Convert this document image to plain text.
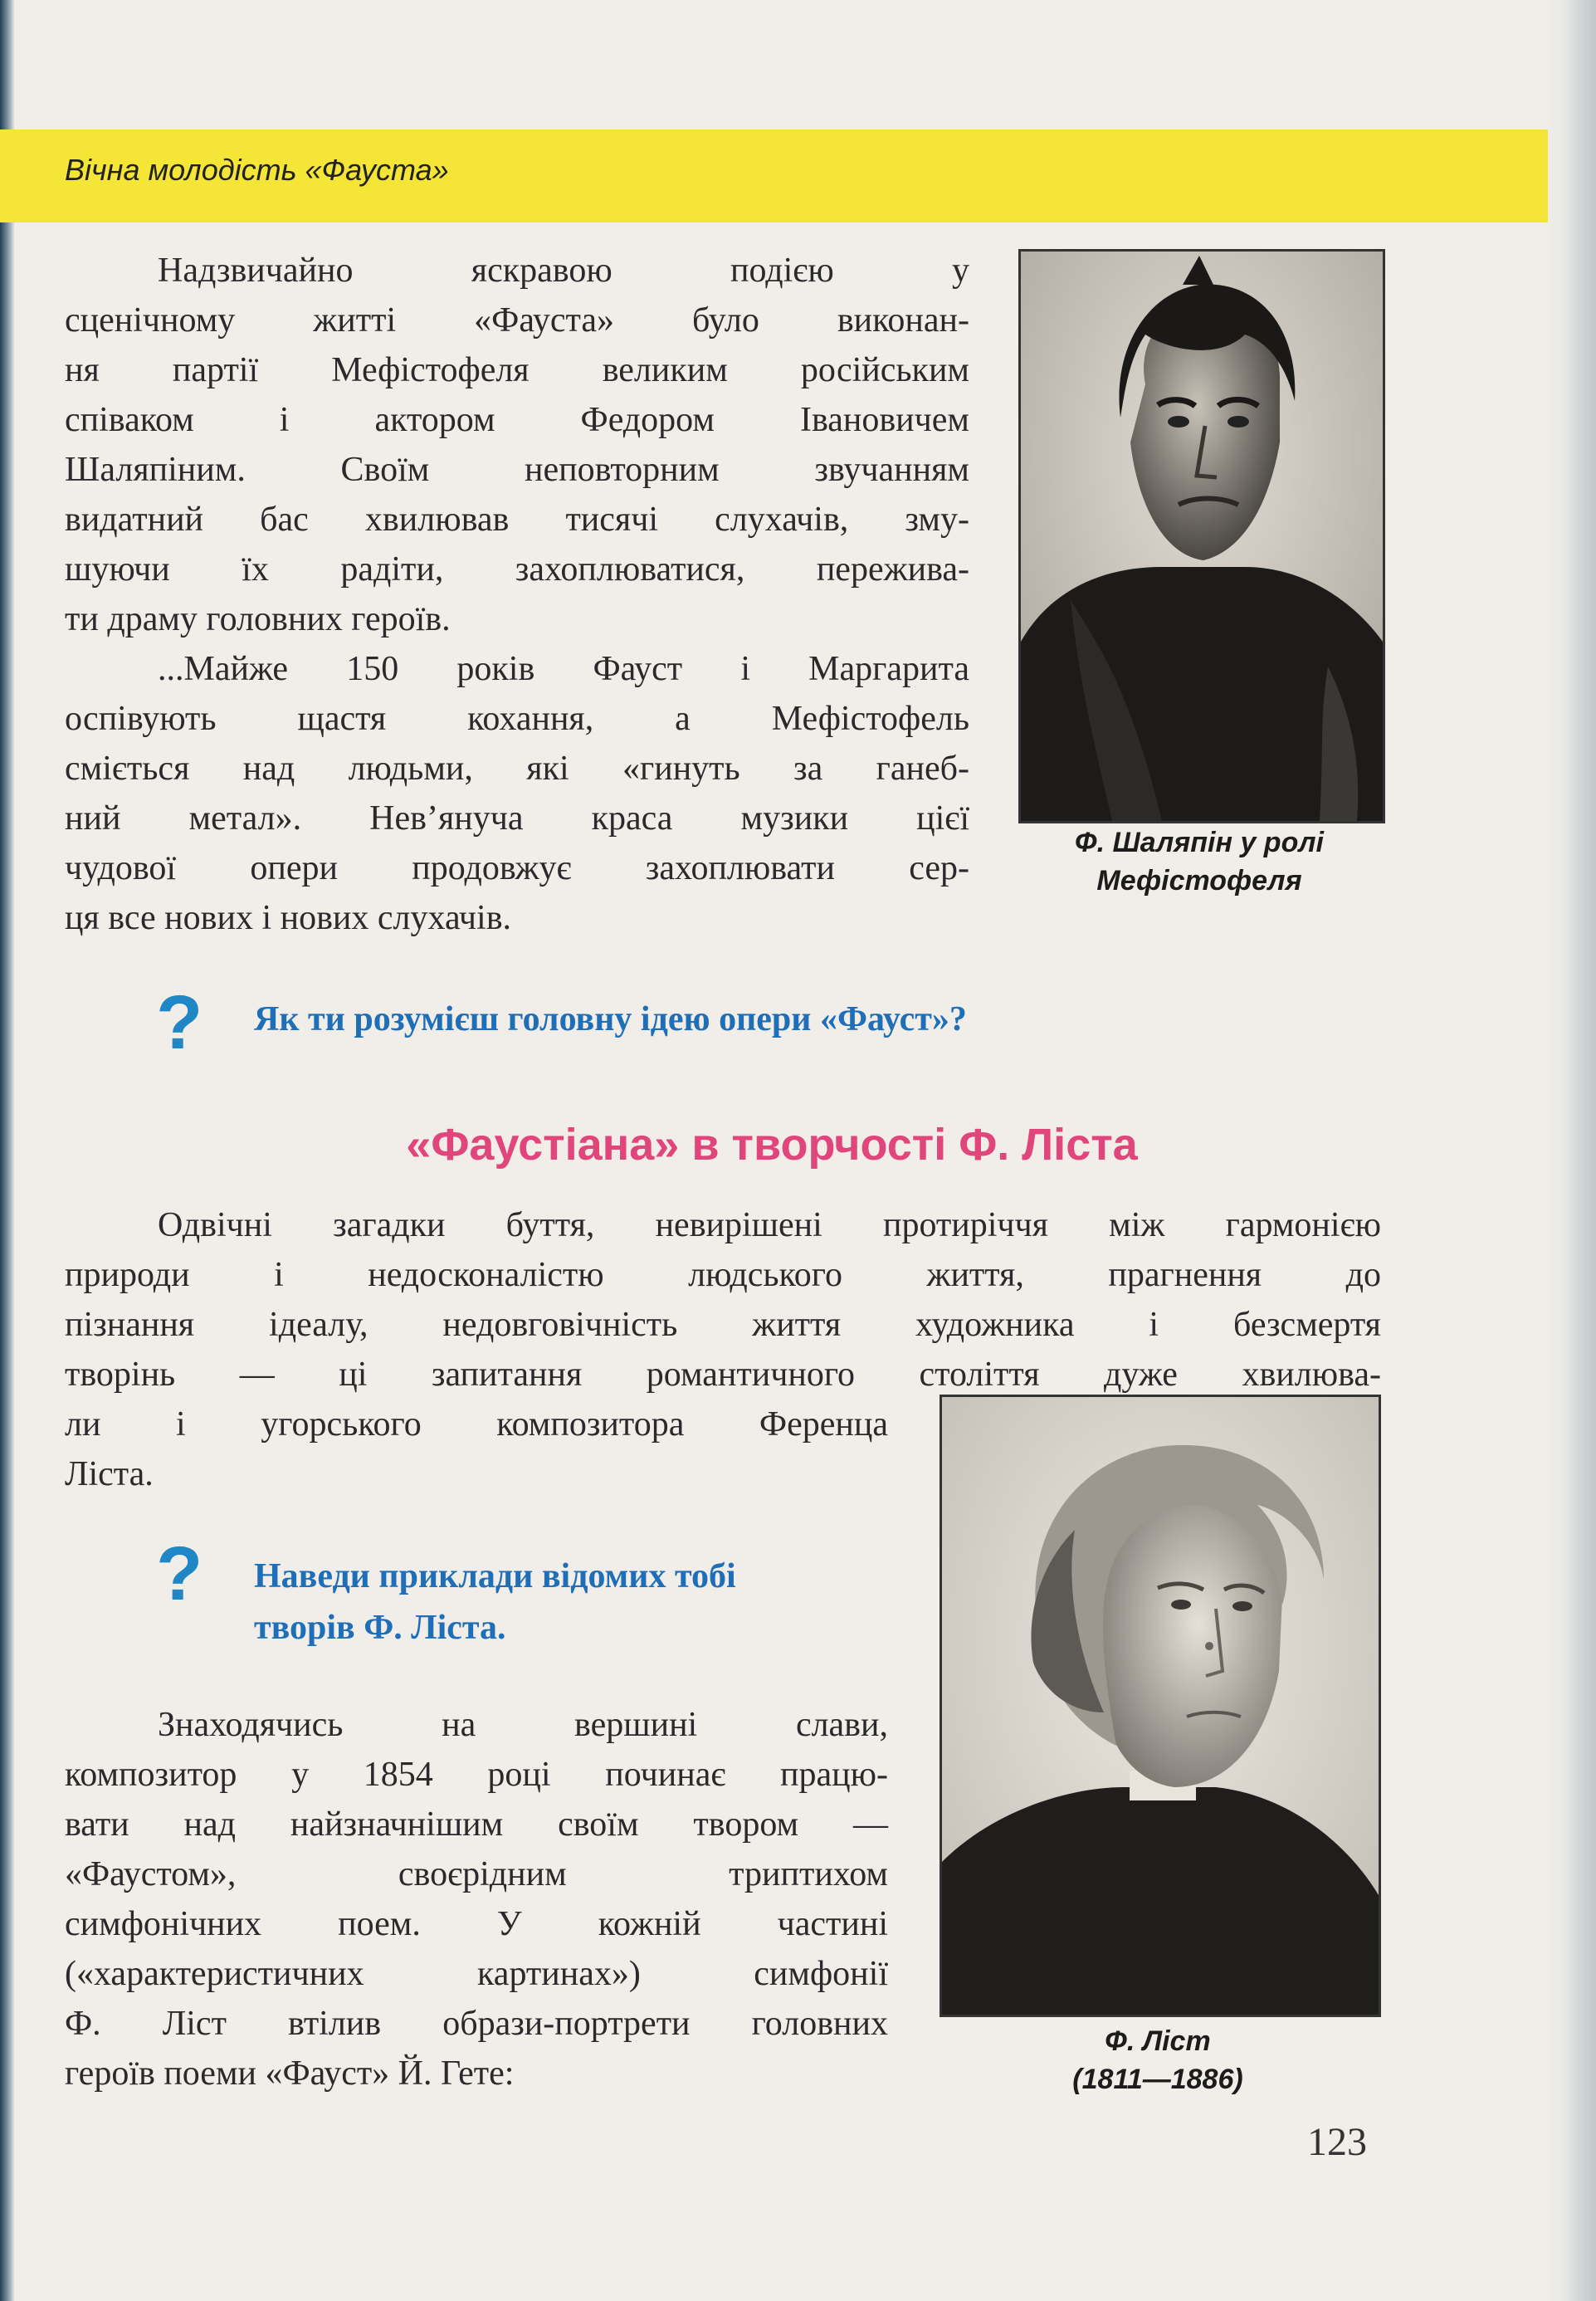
Вічна молодість «Фауста»
Надзвичайно яскравою подією у
сценічному житті «Фауста» було виконан-
ня партії Мефістофеля великим російським
співаком і актором Федором Івановичем
Шаляпіним. Своїм неповторним звучанням
видатний бас хвилював тисячі слухачів, зму-
шуючи їх радіти, захоплюватися, пережива-
ти драму головних героїв.
...Майже 150 років Фауст і Маргарита
оспівують щастя кохання, а Мефістофель
сміється над людьми, які «гинуть за ганеб-
ний метал». Нев’януча краса музики цієї
чудової опери продовжує захоплювати сер-
ця все нових і нових слухачів.
Ф. Шаляпін у ролі
Мефістофеля
? Як ти розумієш головну ідею опери «Фауст»?
«Фаустіана» в творчості Ф. Ліста
Одвічні загадки буття, невирішені протиріччя між гармонією
природи і недосконалістю людського життя, прагнення до
пізнання ідеалу, недовговічність життя художника і безсмертя
творінь — ці запитання романтичного століття дуже хвилюва-
ли і угорського композитора Ференца
Ліста.
? Наведи приклади відомих тобі
творів Ф. Ліста.
Знаходячись на вершині слави,
композитор у 1854 році починає працю-
вати над найзначнішим своїм твором —
«Фаустом», своєрідним триптихом
симфонічних поем. У кожній частині
(«характеристичних картинах») симфонії
Ф. Ліст втілив образи-портрети головних
героїв поеми «Фауст» Й. Гете:
Ф. Ліст
(1811—1886)
123
